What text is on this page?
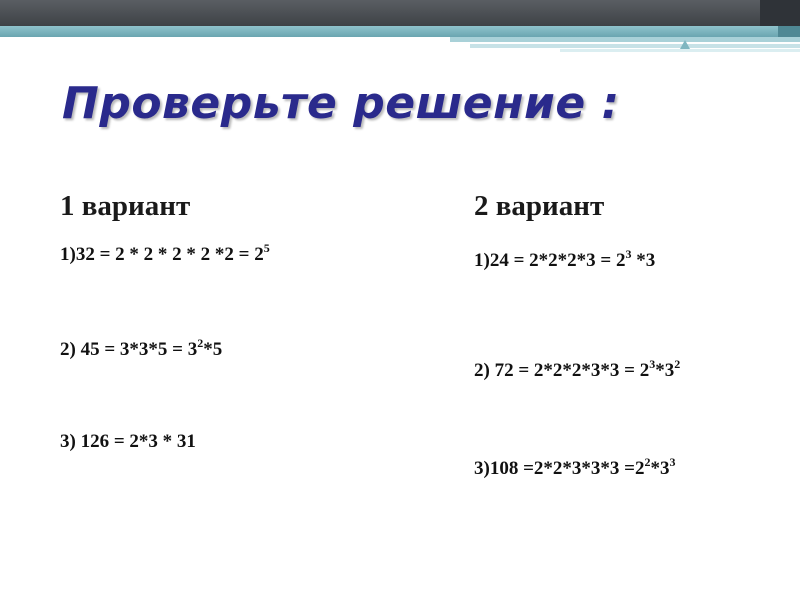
Проверьте решение :
1 вариант

1)32 = 2 * 2 * 2 * 2 $*2 = 2^5$

2) $45 = 3*3*5 = 3^2*5$

3) 126 = 2*3 * 31

2 вариант

$1)24 = 2*2*2*3 = 2^3$ *3

2) $72 = 2*2*2*3*3 = 2^3*3^2$

$3)108 =2*2*3*3*3 =2^2*3^3$
